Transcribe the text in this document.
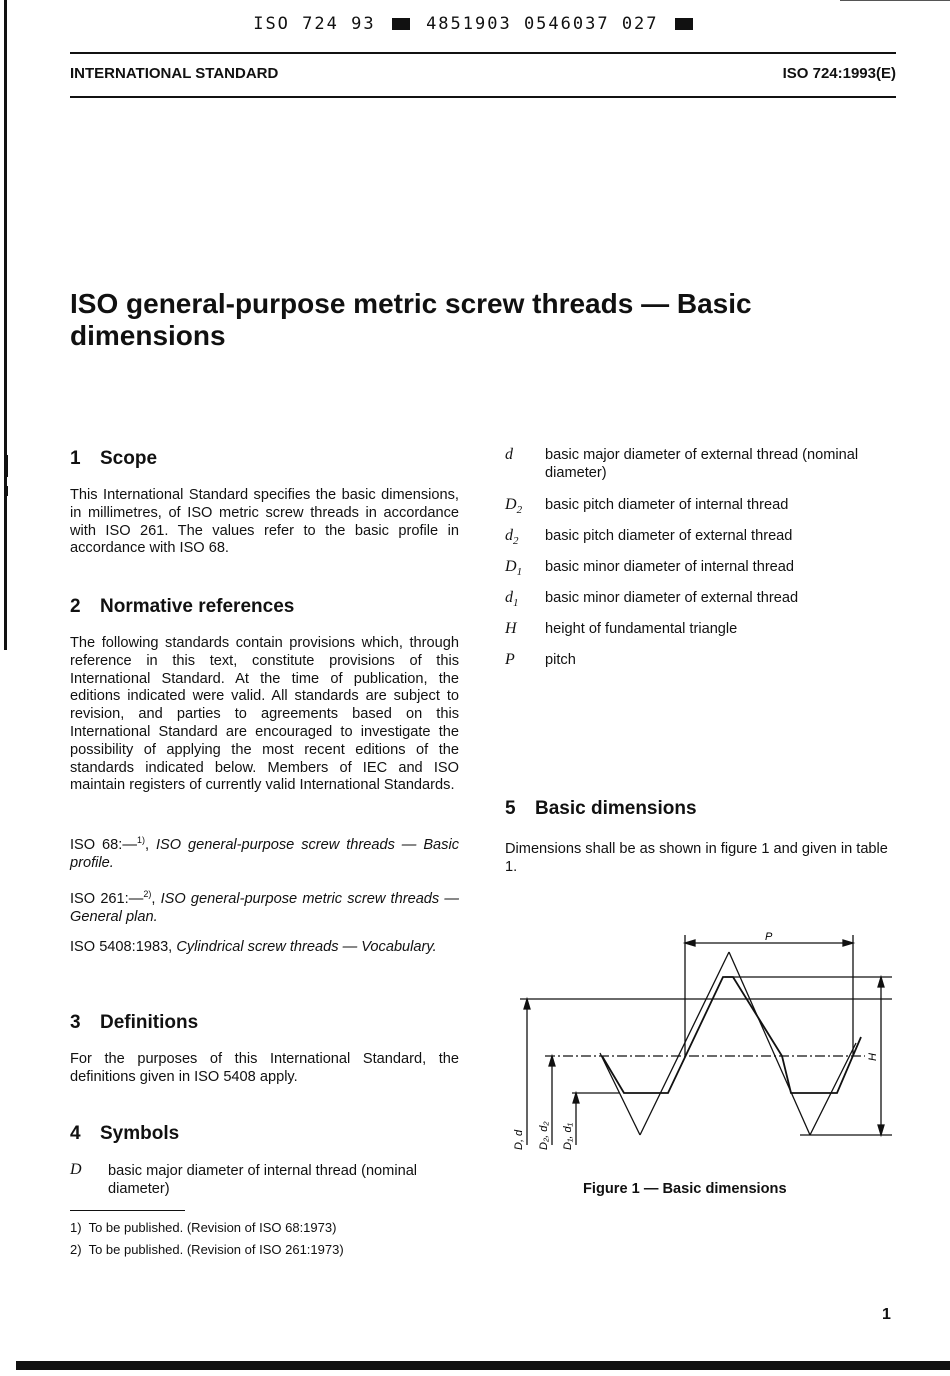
ISO 724 93	4851903 0546037 027
INTERNATIONAL STANDARD	ISO 724:1993(E)
ISO general-purpose metric screw threads — Basic dimensions
1 Scope
This International Standard specifies the basic dimensions, in millimetres, of ISO metric screw threads in accordance with ISO 261. The values refer to the basic profile in accordance with ISO 68.
2 Normative references
The following standards contain provisions which, through reference in this text, constitute provisions of this International Standard. At the time of publication, the editions indicated were valid. All standards are subject to revision, and parties to agreements based on this International Standard are encouraged to investigate the possibility of applying the most recent editions of the standards indicated below. Members of IEC and ISO maintain registers of currently valid International Standards.
ISO 68:—$^{1)}$, ISO general-purpose screw threads — Basic profile.
ISO 261:—$^{2)}$, ISO general-purpose metric screw threads — General plan.
ISO 5408:1983, Cylindrical screw threads — Vocabulary.
3 Definitions
For the purposes of this International Standard, the definitions given in ISO 5408 apply.
4 Symbols
D basic major diameter of internal thread (nominal diameter)
1) To be published. (Revision of ISO 68:1973)
2) To be published. (Revision of ISO 261:1973)
d basic major diameter of external thread (nominal diameter)
$D_2$ basic pitch diameter of internal thread
$d_2$ basic pitch diameter of external thread
$D_1$ basic minor diameter of internal thread
$d_1$ basic minor diameter of external thread
H height of fundamental triangle
P pitch
5 Basic dimensions
Dimensions shall be as shown in figure 1 and given in table 1.
P
H
D, d D₂, d₂ D₁, d₁
Figure 1 — Basic dimensions
1
